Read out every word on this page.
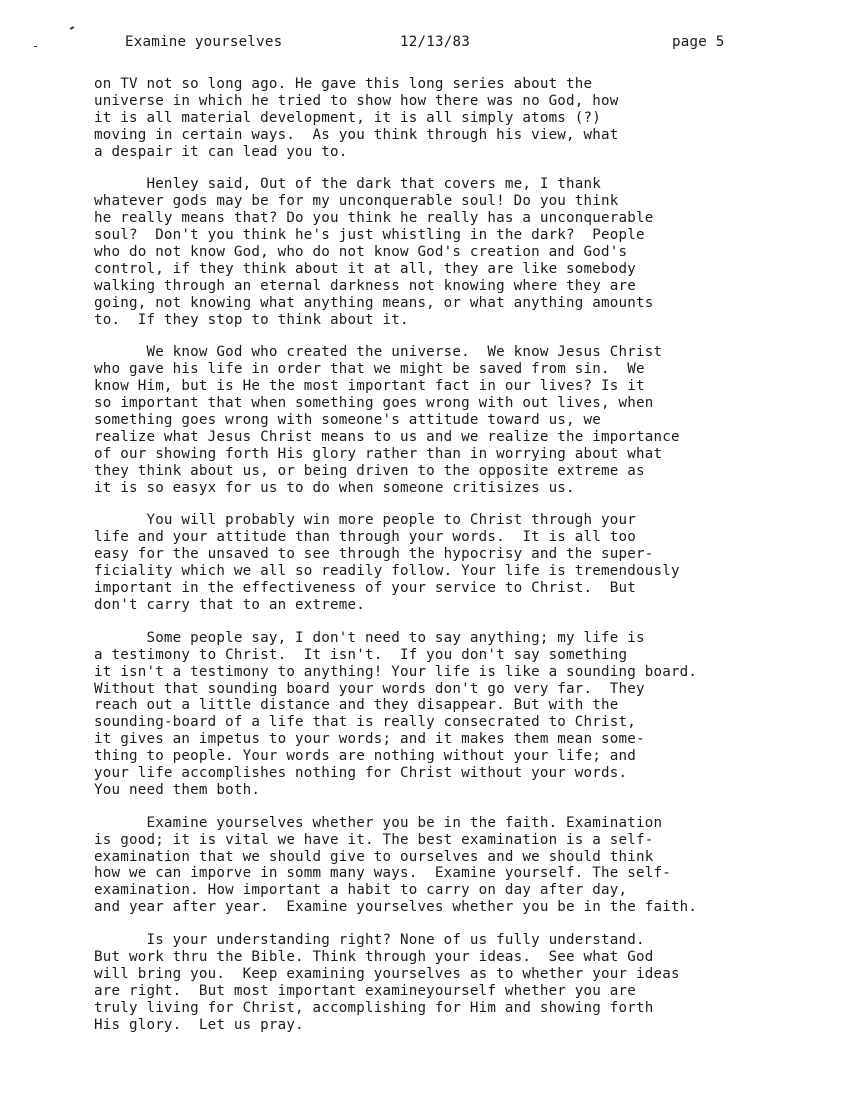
Examine yourselves	12/13/83	page 5
on TV not so long ago. He gave this long series about the
universe in which he tried to show how there was no God, how
it is all material development, it is all simply atoms (?)
moving in certain ways.  As you think through his view, what
a despair it can lead you to.
Henley said, Out of the dark that covers me, I thank
whatever gods may be for my unconquerable soul! Do you think
he really means that? Do you think he really has a unconquerable
soul?  Don't you think he's just whistling in the dark?  People
who do not know God, who do not know God's creation and God's
control, if they think about it at all, they are like somebody
walking through an eternal darkness not knowing where they are
going, not knowing what anything means, or what anything amounts
to.  If they stop to think about it.
We know God who created the universe.  We know Jesus Christ
who gave his life in order that we might be saved from sin.  We
know Him, but is He the most important fact in our lives? Is it
so important that when something goes wrong with out lives, when
something goes wrong with someone's attitude toward us, we
realize what Jesus Christ means to us and we realize the importance
of our showing forth His glory rather than in worrying about what
they think about us, or being driven to the opposite extreme as
it is so easyx for us to do when someone critisizes us.
You will probably win more people to Christ through your
life and your attitude than through your words.  It is all too
easy for the unsaved to see through the hypocrisy and the super-
ficiality which we all so readily follow. Your life is tremendously
important in the effectiveness of your service to Christ.  But
don't carry that to an extreme.
Some people say, I don't need to say anything; my life is
a testimony to Christ.  It isn't.  If you don't say something
it isn't a testimony to anything! Your life is like a sounding board.
Without that sounding board your words don't go very far.  They
reach out a little distance and they disappear. But with the
sounding-board of a life that is really consecrated to Christ,
it gives an impetus to your words; and it makes them mean some-
thing to people. Your words are nothing without your life; and
your life accomplishes nothing for Christ without your words.
You need them both.
Examine yourselves whether you be in the faith. Examination
is good; it is vital we have it. The best examination is a self-
examination that we should give to ourselves and we should think
how we can imporve in somm many ways.  Examine yourself. The self-
examination. How important a habit to carry on day after day,
and year after year.  Examine yourselves whether you be in the faith.
Is your understanding right? None of us fully understand.
But work thru the Bible. Think through your ideas.  See what God
will bring you.  Keep examining yourselves as to whether your ideas
are right.  But most important examineyourself whether you are
truly living for Christ, accomplishing for Him and showing forth
His glory.  Let us pray.
